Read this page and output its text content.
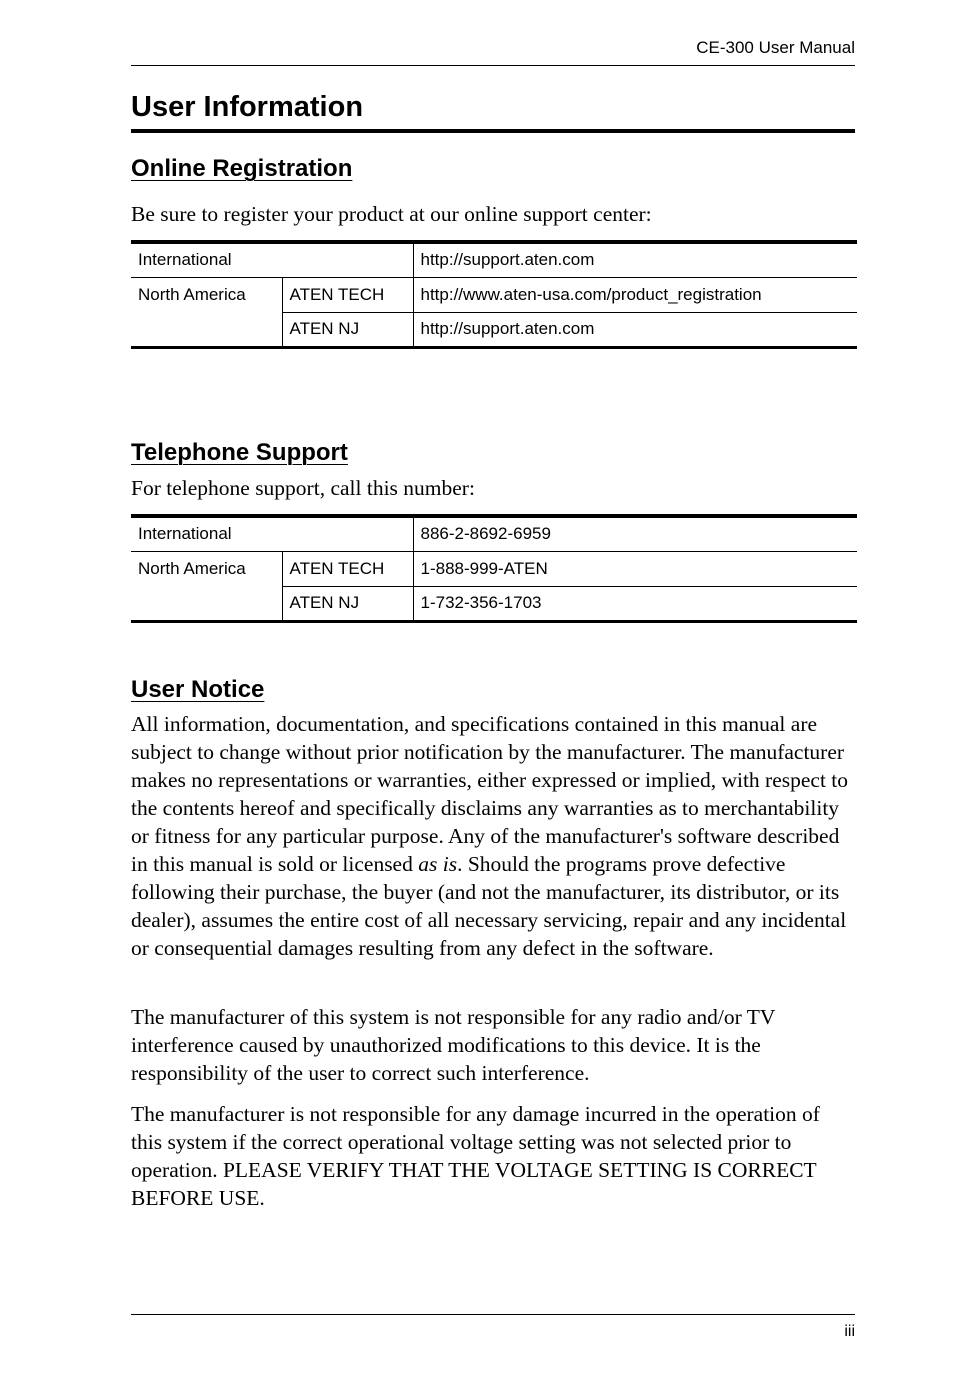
CE-300 User Manual
User Information
Online Registration

Be sure to register your product at our online support center:

International		http://support.aten.com
North America	ATEN TECH	http://www.aten-usa.com/product_registration
	ATEN NJ	http://support.aten.com
Telephone Support

For telephone support, call this number:

International		886-2-8692-6959
North America	ATEN TECH	1-888-999-ATEN
	ATEN NJ	1-732-356-1703
User Notice

All information, documentation, and specifications contained in this manual are subject to change without prior notification by the manufacturer. The manufacturer makes no representations or warranties, either expressed or implied, with respect to the contents hereof and specifically disclaims any warranties as to merchantability or fitness for any particular purpose. Any of the manufacturer's software described in this manual is sold or licensed as is. Should the programs prove defective following their purchase, the buyer (and not the manufacturer, its distributor, or its dealer), assumes the entire cost of all necessary servicing, repair and any incidental or consequential damages resulting from any defect in the software.

The manufacturer of this system is not responsible for any radio and/or TV interference caused by unauthorized modifications to this device. It is the responsibility of the user to correct such interference.

The manufacturer is not responsible for any damage incurred in the operation of this system if the correct operational voltage setting was not selected prior to operation. PLEASE VERIFY THAT THE VOLTAGE SETTING IS CORRECT BEFORE USE.

iii
